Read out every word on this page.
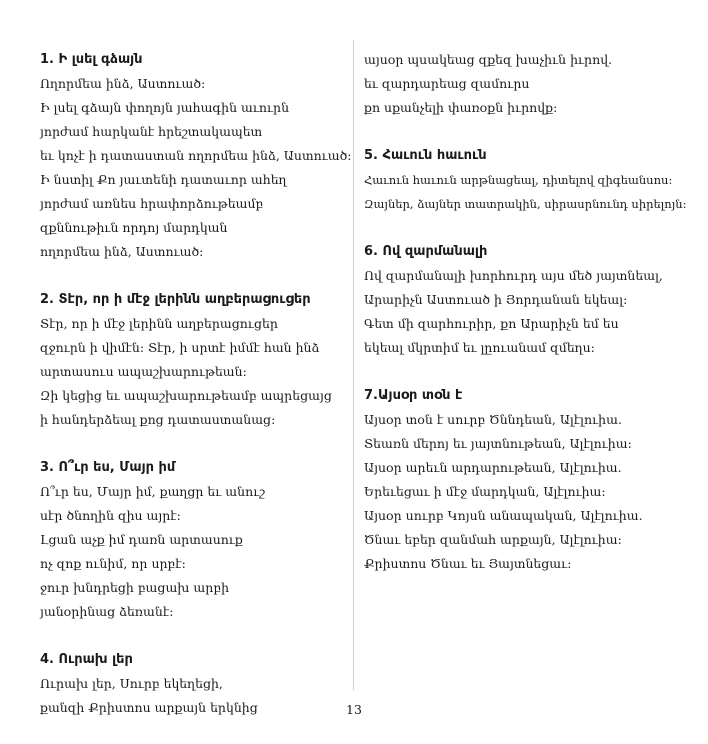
1. Ի լսել գձայն

Ողորմեա ինձ, Աստուած:

Ի լսել գձայն փողոյն յահագին աւուրն

յորժամ հարկանէ հրեշտակապետ

եւ կոչէ ի դատաստան ողորմեա ինձ, Աստուած:

Ի նստիլ Քո յաւտենի դատաւոր ահեղ

յորժամ առնես հրափորձութեամբ

զքննութիւն որդոյ մարդկան

ողորմեա ինձ, Աստուած:

2. Տէր, որ ի մէջ լերինն աղբերացուցեր

Տէր, որ ի մէջ լերինն աղբերացուցեր

զջուրն ի վիմէն: Տէր, ի սրտէ իմմէ հան ինձ

արտասուս ապաշխարութեան:

Զի կեցից եւ ապաշխարութեամբ ապրեցայց

ի հանդերձեալ քոց դատաստանաց:

3. Ո՞ւր ես, Մայր իմ

Ո՞ւր ես, Մայր իմ, քաղցր եւ անուշ

սէր ծնողին զիս այրէ:

Լցան աչք իմ դառն արտասուք

ոչ զոք ունիմ, որ սրբէ:

ջուր խնդրեցի բացախ արբի

յանօրինաց ձեռանէ:

4. Ուրախ լեր

Ուրախ լեր, Սուրբ եկեղեցի,

քանզի Քրիստոս արքայն երկնից

այսօր պսակեաց զքեզ խաչիւն իւրով.

եւ զարդարեաց զամուրս

քո սքանչելի փառօքն իւրովք:

5. Հաւուն հաւուն

Հաւուն հաւուն արթնացեալ, դիտելով զիգեանսոս:

Զայներ, ձայներ տատրակին, սիրասրնունդ սիրելոյն:

6. Ով զարմանալի

Ով զարմանալի խորհուրդ այս մեծ յայտնեալ,

Արարիչն Աստուած ի Յորդանան եկեալ:

Գետ մի զարհուրիր, քո Արարիչն եմ ես

եկեալ մկրտիմ եւ լըուանամ զմեղս:

7.Այսօր տօն է

Այսօր տօն է սուրբ Ծննդեան, Ալէլուիա.

Տեառն մերոյ եւ յայտնութեան, Ալէլուիա:

Այսօր արեւն արդարութեան, Ալէլուիա.

Երեւեցաւ ի մէջ մարդկան, Ալէլուիա:

Այսօր սուրբ Կոյսն անապական, Ալէլուիա.

Ծնաւ եբեր զանմահ արքայն, Ալէլուիա:

Քրիստոս Ծնաւ եւ Յայտնեցաւ:

13
